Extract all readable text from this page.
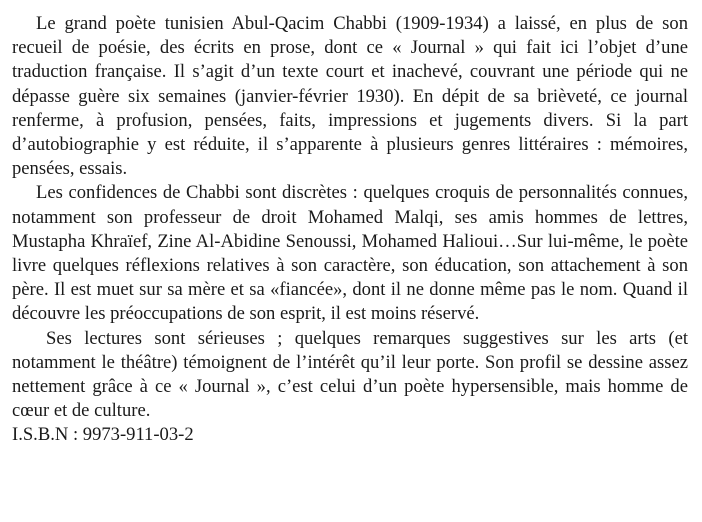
Le grand poète tunisien Abul-Qacim Chabbi (1909-1934) a laissé, en plus de son recueil de poésie, des écrits en prose, dont ce « Journal » qui fait ici l’objet d’une traduction française. Il s’agit d’un texte court et inachevé, couvrant une période qui ne dépasse guère six semaines (janvier-février 1930). En dépit de sa brièveté, ce journal renferme, à profusion, pensées, faits, impressions et jugements divers. Si la part d’autobiographie y est réduite, il s’apparente à plusieurs genres littéraires : mémoires, pensées, essais.

Les confidences de Chabbi sont discrètes : quelques croquis de personnalités connues, notamment son professeur de droit Mohamed Malqi, ses amis hommes de lettres, Mustapha Khraïef, Zine Al-Abidine Senoussi, Mohamed Halioui…Sur lui-même, le poète livre quelques réflexions relatives à son caractère, son éducation, son attachement à son père. Il est muet sur sa mère et sa «fiancée», dont il ne donne même pas le nom. Quand il découvre les préoccupations de son esprit, il est moins réservé.

Ses lectures sont sérieuses ; quelques remarques suggestives sur les arts (et notamment le théâtre) témoignent de l’intérêt qu’il leur porte. Son profil se dessine assez nettement grâce à ce « Journal », c’est celui d’un poète hypersensible, mais homme de cœur et de culture.

I.S.B.N : 9973-911-03-2
